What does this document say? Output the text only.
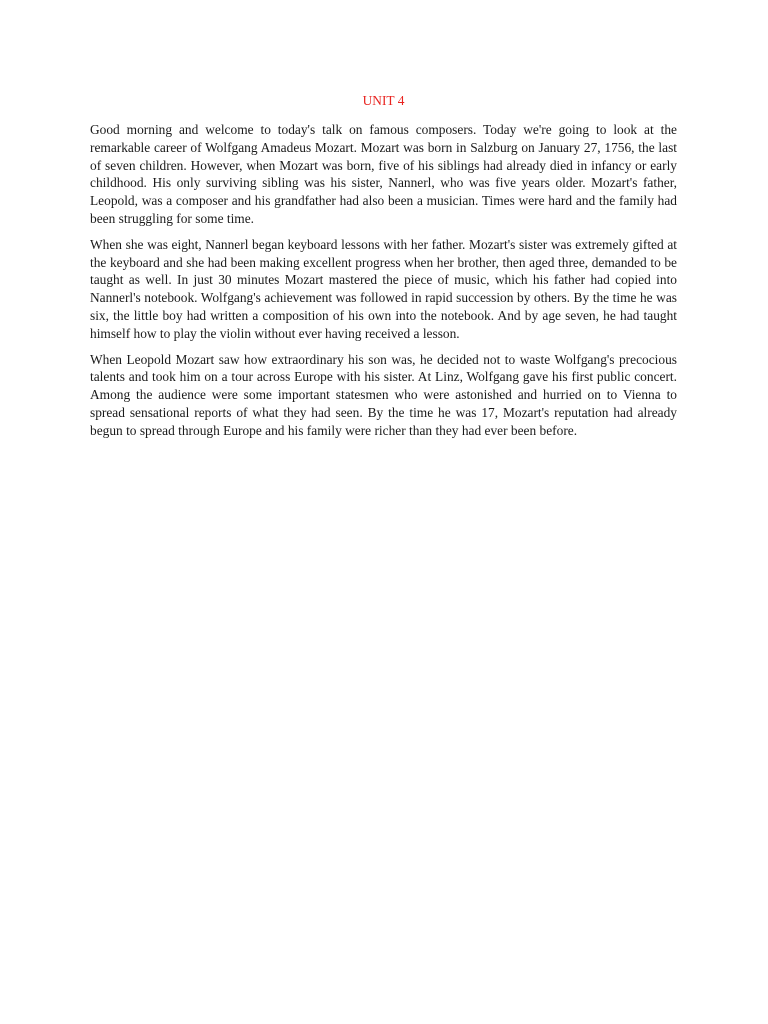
UNIT 4

Good morning and welcome to today's talk on famous composers. Today we're going to look at the remarkable career of Wolfgang Amadeus Mozart. Mozart was born in Salzburg on January 27, 1756, the last of seven children. However, when Mozart was born, five of his siblings had already died in infancy or early childhood. His only surviving sibling was his sister, Nannerl, who was five years older. Mozart's father, Leopold, was a composer and his grandfather had also been a musician. Times were hard and the family had been struggling for some time.

When she was eight, Nannerl began keyboard lessons with her father. Mozart's sister was extremely gifted at the keyboard and she had been making excellent progress when her brother, then aged three, demanded to be taught as well. In just 30 minutes Mozart mastered the piece of music, which his father had copied into Nannerl's notebook. Wolfgang's achievement was followed in rapid succession by others. By the time he was six, the little boy had written a composition of his own into the notebook. And by age seven, he had taught himself how to play the violin without ever having received a lesson.

When Leopold Mozart saw how extraordinary his son was, he decided not to waste Wolfgang's precocious talents and took him on a tour across Europe with his sister. At Linz, Wolfgang gave his first public concert. Among the audience were some important statesmen who were astonished and hurried on to Vienna to spread sensational reports of what they had seen. By the time he was 17, Mozart's reputation had already begun to spread through Europe and his family were richer than they had ever been before.
